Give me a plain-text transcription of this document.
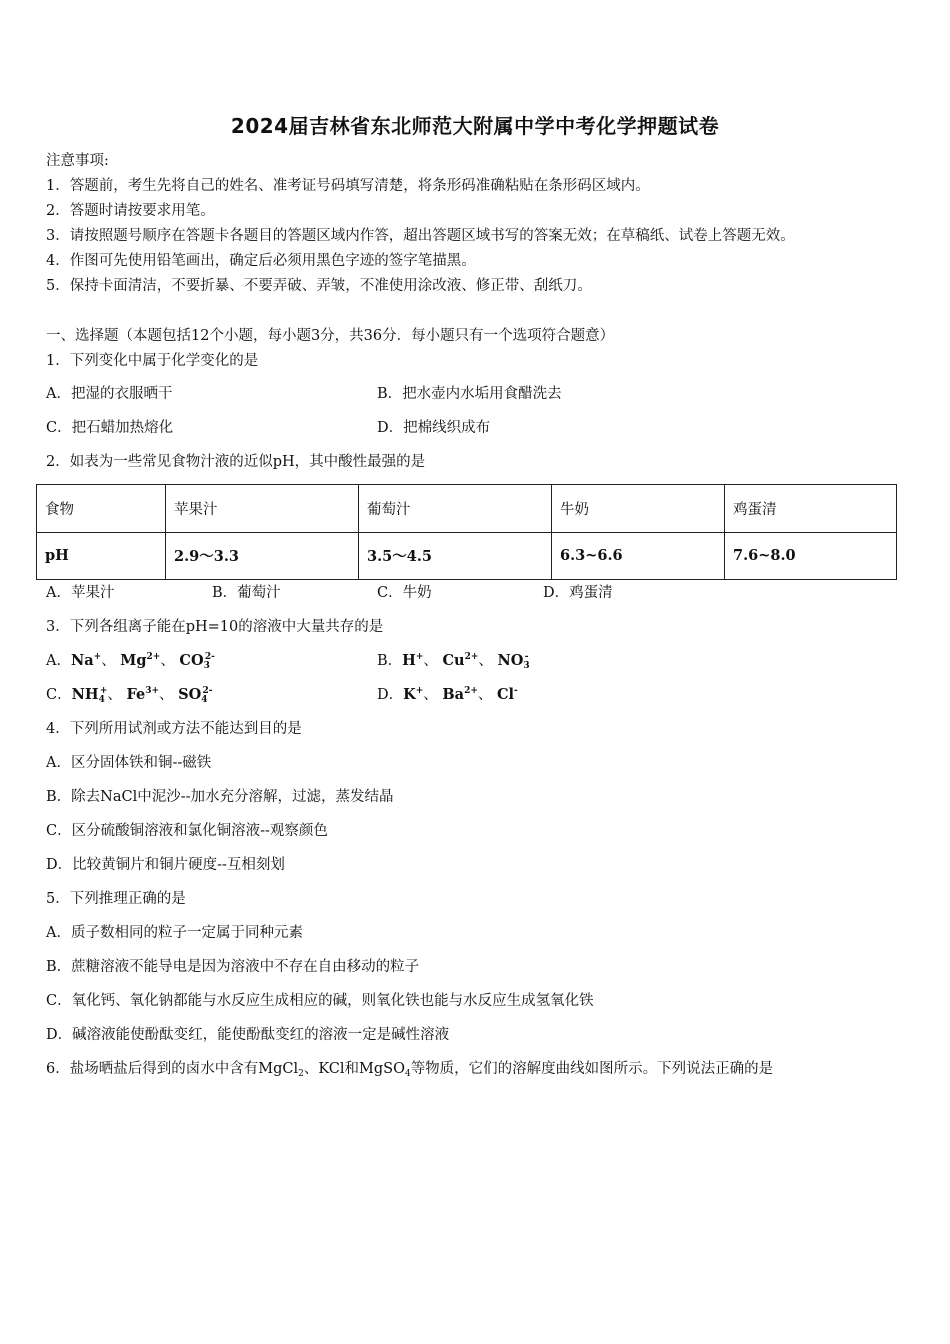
2024届吉林省东北师范大附属中学中考化学押题试卷
注意事项:
1．答题前，考生先将自己的姓名、准考证号码填写清楚，将条形码准确粘贴在条形码区域内。
2．答题时请按要求用笔。
3．请按照题号顺序在答题卡各题目的答题区域内作答，超出答题区域书写的答案无效；在草稿纸、试卷上答题无效。
4．作图可先使用铅笔画出，确定后必须用黑色字迹的签字笔描黑。
5．保持卡面清洁，不要折暴、不要弄破、弄皱，不准使用涂改液、修正带、刮纸刀。
一、选择题（本题包括12个小题，每小题3分，共36分．每小题只有一个选项符合题意）
1．下列变化中属于化学变化的是
A．把湿的衣服晒干	B．把水壶内水垢用食醋洗去
C．把石蜡加热熔化	D．把棉线织成布
2．如表为一些常见食物汁液的近似pH，其中酸性最强的是
食物	苹果汁	葡萄汁	牛奶	鸡蛋清
pH	2.9～3.3	3.5～4.5	6.3~6.6	7.6~8.0
A．苹果汁	B．葡萄汁	C．牛奶	D．鸡蛋清
3．下列各组离子能在pH=10的溶液中大量共存的是
A．Na+、 $Mg^{2+}$、 $CO_3^{2-}$	B．H+、 $Cu^{2+}$、 $NO_3^-$
C．$NH_4^+$、 $Fe^{3+}$、 $SO_4^{2-}$	D．K+、 $Ba^{2+}$、 Cl-
4．下列所用试剂或方法不能达到目的是
A．区分固体铁和铜--磁铁
B．除去NaCl中泥沙--加水充分溶解，过滤，蒸发结晶
C．区分硫酸铜溶液和氯化铜溶液--观察颜色
D．比较黄铜片和铜片硬度--互相刻划
5．下列推理正确的是
A．质子数相同的粒子一定属于同种元素
B．蔗糖溶液不能导电是因为溶液中不存在自由移动的粒子
C．氧化钙、氧化钠都能与水反应生成相应的碱，则氧化铁也能与水反应生成氢氧化铁
D．碱溶液能使酚酞变红，能使酚酞变红的溶液一定是碱性溶液
6．盐场晒盐后得到的卤水中含有MgCl$_2$、KCl和MgSO$_4$等物质，它们的溶解度曲线如图所示。下列说法正确的是
